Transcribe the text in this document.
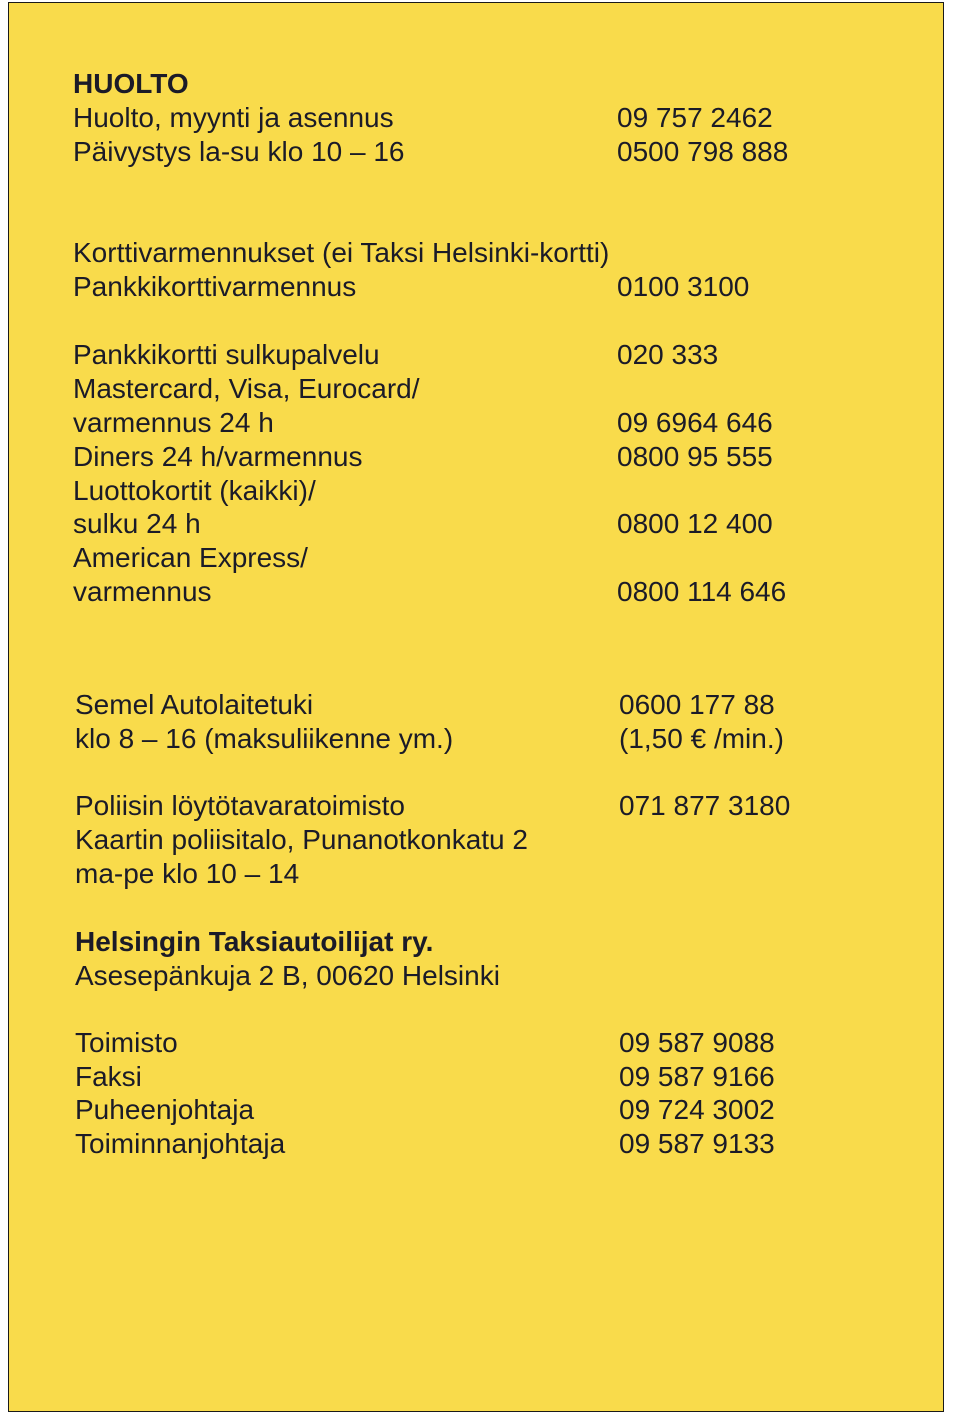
HUOLTO
Huolto, myynti ja asennus	09 757 2462
Päivystys la-su klo 10 – 16	0500 798 888
Korttivarmennukset (ei Taksi Helsinki-kortti)
Pankkikorttivarmennus	0100 3100
Pankkikortti sulkupalvelu	020 333
Mastercard, Visa, Eurocard/
varmennus 24 h	09 6964 646
Diners 24 h/varmennus	0800 95 555
Luottokortit (kaikki)/
sulku 24 h	0800 12 400
American Express/
varmennus	0800 114 646
Semel Autolaitetuki	0600 177 88
klo 8 – 16 (maksuliikenne ym.)	(1,50 € /min.)
Poliisin löytötavaratoimisto	071 877 3180
Kaartin poliisitalo, Punanotkonkatu 2
ma-pe klo 10 – 14
Helsingin Taksiautoilijat ry.
Asesepänkuja 2 B, 00620 Helsinki
Toimisto	09 587 9088
Faksi	09 587 9166
Puheenjohtaja	09 724 3002
Toiminnanjohtaja	09 587 9133
